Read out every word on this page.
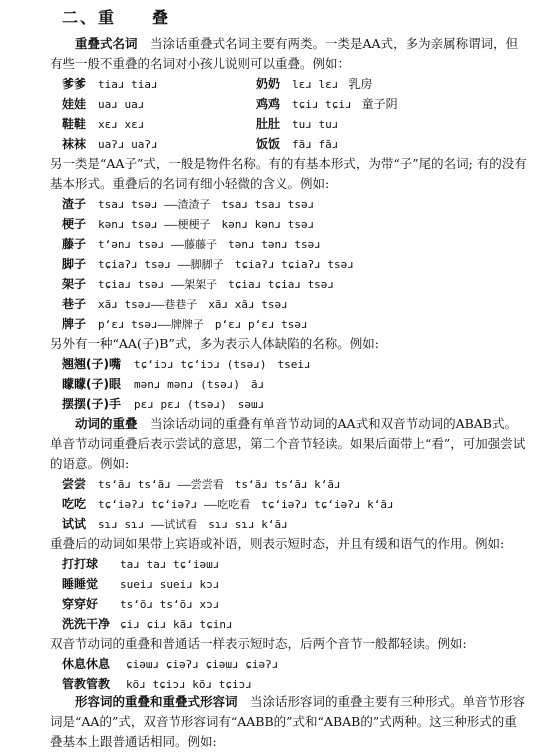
二、重　　叠
重叠式名词　当涂话重叠式名词主要有两类。一类是AA式，多为亲属称谓词，但有些一般不重叠的名词对小孩儿说则可以重叠。例如：
爹爹 tiaɹ tiaɹ	奶奶 lɛɹ lɛɹ 乳房
娃娃 uaɹ uaɹ	鸡鸡 tɕiɹ tɕiɹ 童子阴
鞋鞋 xɛɹ xɛɹ	肚肚 tuɹ tuɹ
袜袜 uaʔɹ uaʔɹ	饭饭 fãɹ fãɹ
另一类是“AA子”式，一般是物件名称。有的有基本形式，为带“子”尾的名词; 有的没有基本形式。重叠后的名词有细小轻微的含义。例如:
渣子 tsaɹ tsəɹ ——渣渣子　tsaɹ tsaɹ tsəɹ
梗子 kənɹ tsəɹ ——梗梗子　kənɹ kənɹ tsəɹ
藤子 tʻənɹ tsəɹ ——藤藤子　tənɹ tənɹ tsəɹ
脚子 tɕiaʔɹ tsəɹ ——脚脚子　tɕiaʔɹ tɕiaʔɹ tsəɹ
架子 tɕiaɹ tsəɹ ——架架子　tɕiaɹ tɕiaɹ tsəɹ
巷子 xãɹ tsəɹ——巷巷子　xãɹ xãɹ tsəɹ
牌子 pʻɛɹ tsəɹ——牌牌子　pʻɛɹ pʻɛɹ tsəɹ
另外有一种“AA(子)B”式，多为表示人体缺陷的名称。例如:
翘翘(子)嘴 tɕʻiɔɹ tɕʻiɔɹ (tsəɹ)　tseiɹ
矇矇(子)眼 mənɹ mənɹ (tsəɹ)　ãɹ
摆摆(子)手 pɛɹ pɛɹ (tsəɹ)　səɯɹ
动词的重叠　当涂话动词的重叠有单音节动词的AA式和双音节动词的ABAB式。单音节动词重叠后表示尝试的意思，第二个音节轻读。如果后面带上“看”，可加强尝试的语意。例如:
尝尝 tsʻãɹ tsʻãɹ ——尝尝看　tsʻãɹ tsʻãɹ kʻãɹ
吃吃 tɕʻiəʔɹ tɕʻiəʔɹ ——吃吃看　tɕʻiəʔɹ tɕʻiəʔɹ kʻãɹ
试试 sɿɹ sɿɹ ——试试看　sɿɹ sɿɹ kʻãɹ
重叠后的动词如果带上宾语或补语，则表示短时态，并且有缓和语气的作用。例如:
打打球 taɹ taɹ tɕʻiəɯɹ
睡睡觉 sueiɹ sueiɹ kɔɹ
穿穿好 tsʻõɹ tsʻõɹ xɔɹ
洗洗干净 ɕiɹ ɕiɹ kãɹ tɕinɹ
双音节动词的重叠和普通话一样表示短时态，后两个音节一般都轻读。例如:
休息休息 ɕiəɯɹ ɕiəʔɹ ɕiəɯɹ ɕiəʔɹ
管教管教 kõɹ tɕiɔɹ kõɹ tɕiɔɹ
形容词的重叠和重叠式形容词　当涂话形容词的重叠主要有三种形式。单音节形容词是“AA的”式，双音节形容词有“AABB的”式和“ABAB的”式两种。这三种形式的重叠基本上跟普通话相同。例如:
